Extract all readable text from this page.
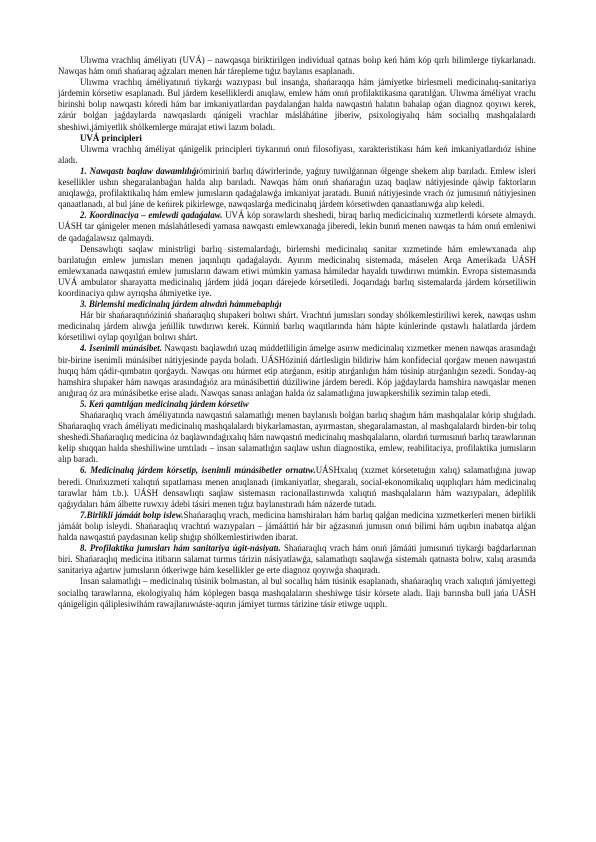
Ulıwma vrachlıq áméliyatı (UVÁ) – nawqasqa biriktirilgen individual qatnas bolıp keń hám kóp qırlı bilimlerge tiykarlanadı. Nawqas hám onıń shańaraq aǵzaları menen hár tárepleme tıǵız baylanıs esaplanadı.

Ulıwma vrachlıq áméliyatınıń tiykarǵı wazıypası bul insanǵa, shańaraqqa hám jámiyetke birlesmeli medicinalıq-sanitariya járdemin kórsetiw esaplanadı. Bul járdem keselliklerdi anıqlaw, emlew hám onıń profilaktikasına qaratılǵan. Ulıwma áméliyat vrachı birinshi bolıp nawqastı kóredi hám bar imkaniyatlardan paydalanǵan halda nawqastıń halatın bahalap oǵan diagnoz qoyıwı kerek, zárúr bolǵan jaǵdaylarda nawqaslardı qánigeli vrachlar másláhátine jiberiw, psixologiyalıq hám sociallıq mashqalalardı sheshiwi,jámiyetlik shólkemlerge múrajat etiwi lazım boladı.

UVÁ principleri

Ulıwma vrachlıq áméliyat qánigelik principleri tiykarınıń onıń filosofiyası, xarakteristikası hám keń imkaniyatlardıóz ishine aladı.

1. Nawqastı baqlaw dawamlılıǵıómiriniń barlıq dáwirlerinde, yaǵnıy tuwılǵannan ólgenge shekem alıp barıladı. Emlew isleri kesellikler ushın shegaralanbaǵan halda alıp barıladı. Nawqas hám onıń shańaraǵın uzaq baqlaw nátiyjesinde qáwip faktorların anıqlawǵa, profilaktikalıq hám emlew jumısların qadaǵalawǵa imkaniyat jaratadı. Bunıń nátiyjesinde vrach óz jumısınıń nátiyjesinen qanaatlanadı, al bul jáne de keńirek pikirlewge, nawqaslarǵa medicinalıq járdem kórsetiwden qanaatlanıwǵa alıp keledi.

2. Koordinaciya – emlewdi qadaǵalaw. UVÁ kóp sorawlardı sheshedi, biraq barlıq medicicinalıq xızmetlerdi kórsete almaydı. UÁSH tar qánigeler menen máslahátlesedi yamasa nawqastı emlewxanaǵa jiberedi, lekin bunıń menen nawqas ta hám onıń emleniwi de qadaǵalawsız qalmaydı.

Densawlıqtı saqlaw ministrligi barlıq sistemalardaǵı, birlemshi medicinalıq sanitar xızmetinde hám emlewxanada alıp barılatuǵın emlew jumısları menen jaqınlıqtı qadaǵalaydı. Ayırım medicinalıq sistemada, máselen Arqa Amerikada UÁSH emlewxanada nawqastıń emlew jumısların dawam etiwi múmkin yamasa hámiledar hayaldı tuwdırıwı múmkin. Evropa sistemasında UVÁ ambulator sharayatta medicinalıq járdem júdá joqarı dárejede kórsetiledi. Joqarıdaǵı barlıq sistemalarda járdem kórsetiliwin koordinaciya qılıw ayrıqsha áhmiyetke iye.

3. Birlemshi medicinalıq járdem alıwdıń hámmebaplıǵı

Hár bir shańaraqtıńóziniń shańaraqlıq shıpakeri bolıwı shárt. Vrachtıń jumısları sonday shólkemlestiriliwi kerek, nawqas ushın medicinalıq járdem alıwǵa jeńillik tuwdırıwı kerek. Kúnniń barlıq waqıtlarında hám hápte kúnlerinde qıstawlı halatlarda járdem kórsetiliwi oylap qoyılǵan bolıwı shárt.

4. Isenimli múnásibet. Nawqastı baqlawdıń uzaq múddetliligin ámelge asırıw medicinalıq xızmetker menen nawqas arasındaǵı bir-birine isenimli múnásibet nátiyjesinde payda boladı. UÁSHóziniń dártlesligin bildiriw hám konfidecial qorǵaw menen nawqastıń huqıq hám qádir-qımbatın qorǵaydı. Nawqas onı húrmet etip atırǵanın, esitip atırǵanlıǵın hám túsinip atırǵanlıǵın sezedi. Sonday-aq hamshira shıpaker hám nawqas arasındaǵıóz ara múnásibettiń dúziliwine járdem beredi. Kóp jaǵdaylarda hamshira nawqaslar menen anıǵıraq óz ara múnásibetke erise aladı. Nawqas sanası anlaǵan halda óz salamatlıǵına juwapkershilik sezimin talap etedi.

5. Keń qamtılǵan medicinalıq járdem kórsetiw

Shańaraqlıq vrach áméliyatında nawqastıń salamatlıǵı menen baylanıslı bolǵan barlıq shaǵım hám mashqalalar kórip shıǵıladı. Shańaraqlıq vrach áméliyatı medicinalıq mashqalalardı biykarlamastan, ayırmastan, shegaralamastan, al mashqalalardı birden-bir tolıq sheshedi.Shańaraqlıq medicina óz baqlawındaǵıxalıq hám nawqastıń medicinalıq mashqalaların, olardıń turmısınıń barlıq tarawlarınan kelip shıqqan halda sheshiliwine umtıladı – insan salamatlıǵın saqlaw ushın diagnostika, emlew, reabilitaciya, profilaktika jumısların alıp baradı.

6. Medicinalıq járdem kórsetip, isenimli múnásibetler ornatıw.UÁSHxalıq (xızmet kórsetetuǵın xalıq) salamatlıǵına juwap beredi. Onıńxızmeti xalıqtıń sıpatlaması menen anıqlanadı (imkaniyatlar, shegaralı, social-ekonomikalıq uqıplıqları hám medicinalıq tarawlar hám t.b.). UÁSH densawlıqtı saqlaw sistemasın racionallastırıwda xalıqtıń mashqalaların hám wazıypaları, ádeplilik qaǵıydaları hám álbette ruwxıy ádebi tásiri menen tıǵız baylanıstıradı hám názerde tutadı.

7.Birlikli jámáát bolıp islew.Shańaraqlıq vrach, medicina hamshiraları hám barlıq qalǵan medicina xızmetkerleri menen birlikli jámáát bolıp isleydi. Shańaraqlıq vrachtıń wazıypaları – jámááttiń hár bir aǵzasınıń jumısın onıń bilimi hám uqıbın inabatqa alǵan halda nawqastıń paydasınan kelip shıǵıp shólkemlestiriwden ibarat.

8. Profilaktika jumısları hám sanitariya úgit-násiyatı. Shańaraqlıq vrach hám onıń jámááti jumısınıń tiykarǵı baǵdarlarınan biri. Shańaraqlıq medicina itibarın salamat turmıs tárizin násiyatlawǵa, salamatlıqtı saqlawǵa sistemalı qatnasta bolıw, xalıq arasında sanitariya aǵartıw jumısların ótkeriwge hám kesellikler ge erte diagnoz qoyıwǵa shaqıradı.

Insan salamatlıǵı – medicinalıq túsinik bolmastan, al bul socallıq hám túsinik esaplanadı, shańaraqlıq vrach xalıqtıń jámiyettegi sociallıq tarawlarına, ekologiyalıq hám kóplegen basqa mashqalaların sheshiwge tásir kórsete aladı. Ilajı barınsha bull jańa UÁSH qánigeligin qáliplesiwihám rawajlanıwıáste-aqırın jámiyet turmıs tárizine tásir etiwge uqıplı.
